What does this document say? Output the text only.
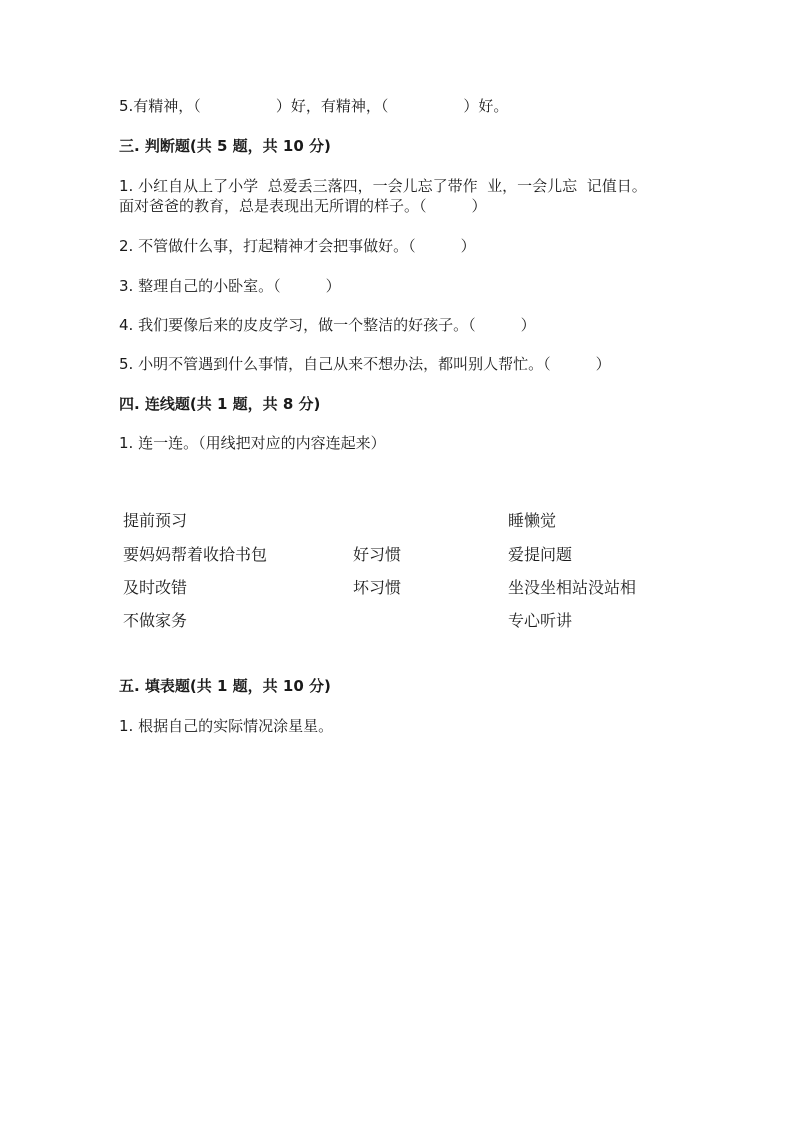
5.有精神，（　　　　　）好，有精神，（　　　　　）好。
三. 判断题(共 5 题，共 10 分)
1. 小红自从上了小学  总爱丢三落四，一会儿忘了带作  业，一会儿忘  记值日。
面对爸爸的教育，总是表现出无所谓的样子。（　　　）
2. 不管做什么事，打起精神才会把事做好。（　　　）
3. 整理自己的小卧室。（　　　）
4. 我们要像后来的皮皮学习，做一个整洁的好孩子。（　　　）
5. 小明不管遇到什么事情，自己从来不想办法，都叫别人帮忙。（　　　）
四. 连线题(共 1 题，共 8 分)
1. 连一连。（用线把对应的内容连起来）
提前预习
要妈妈帮着收拾书包
及时改错
不做家务
好习惯
坏习惯
睡懒觉
爱提问题
坐没坐相站没站相
专心听讲
五. 填表题(共 1 题，共 10 分)
1. 根据自己的实际情况涂星星。
